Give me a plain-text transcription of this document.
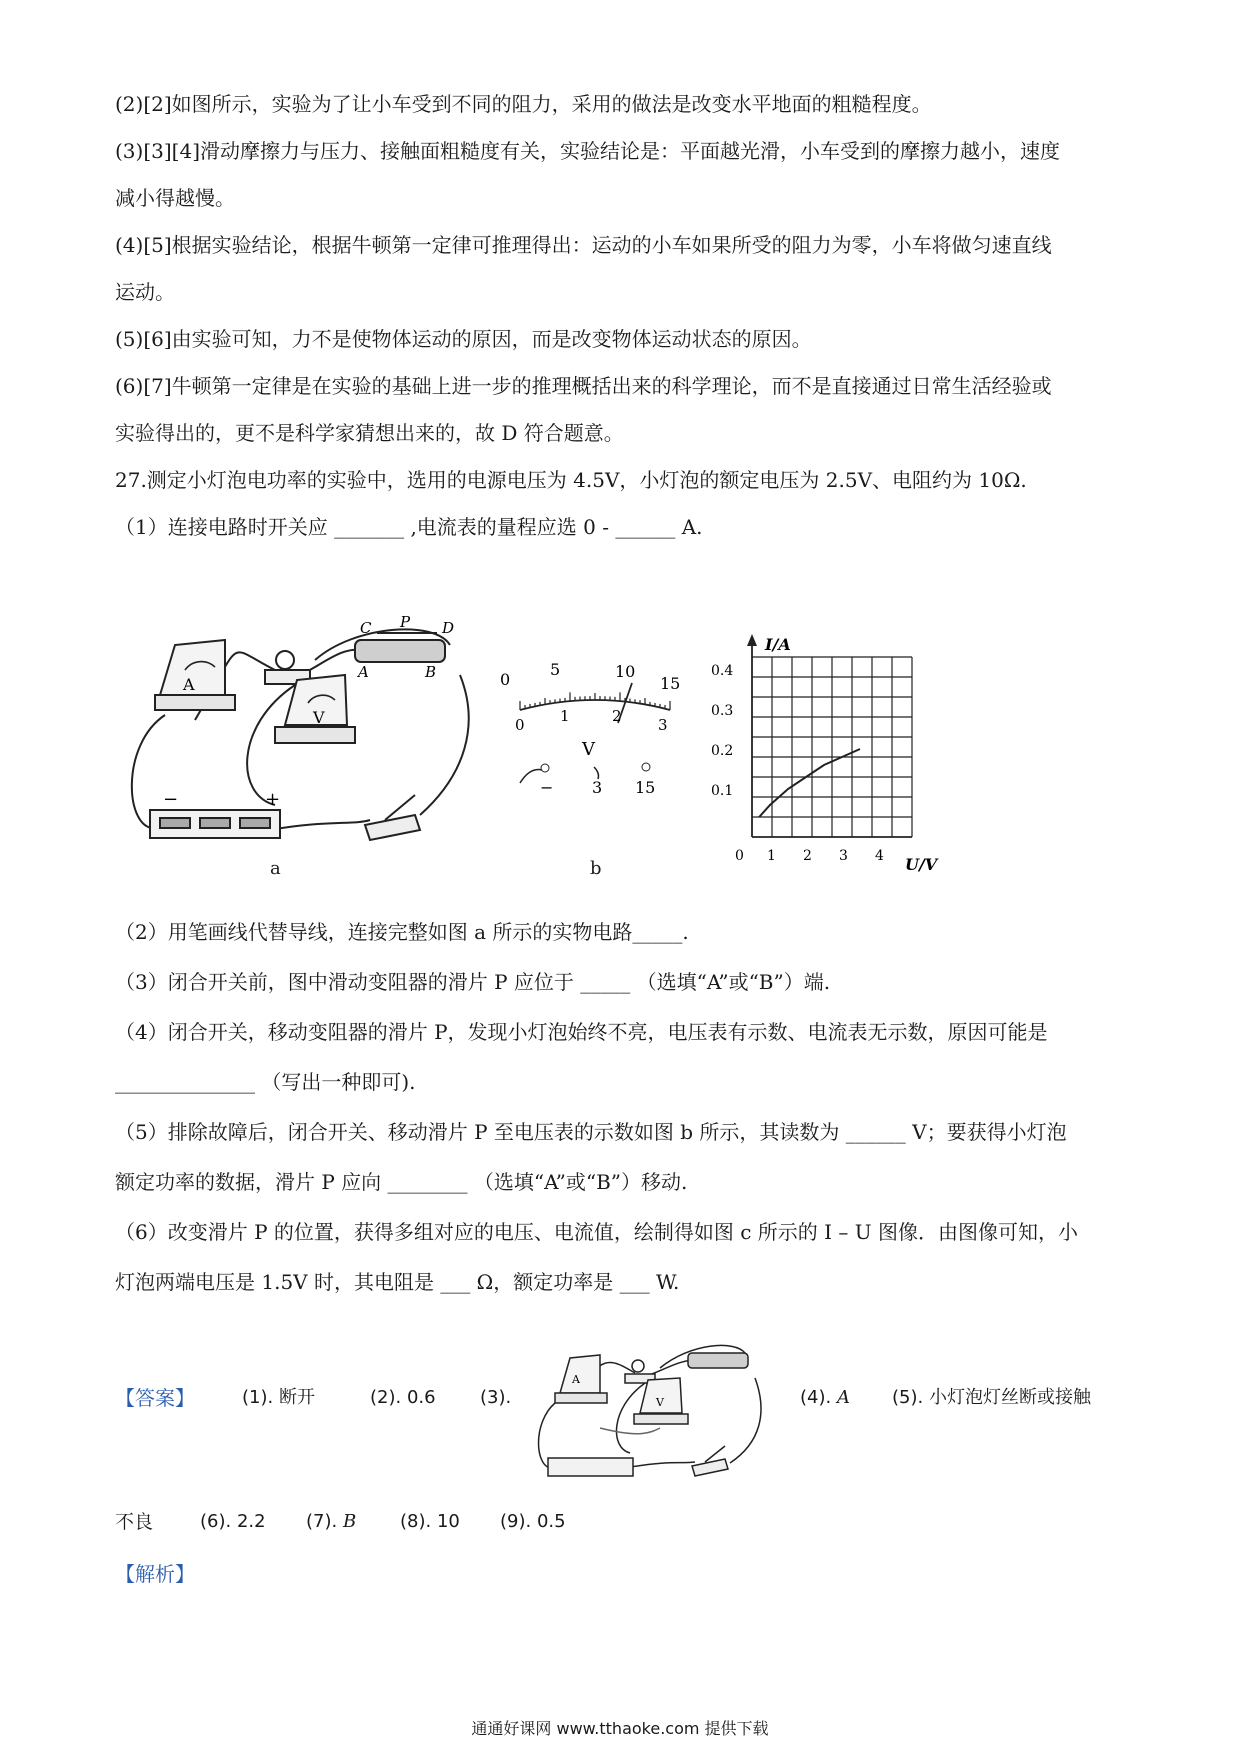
(2)[2]如图所示，实验为了让小车受到不同的阻力，采用的做法是改变水平地面的粗糙程度。
(3)[3][4]滑动摩擦力与压力、接触面粗糙度有关，实验结论是：平面越光滑，小车受到的摩擦力越小，速度
减小得越慢。
(4)[5]根据实验结论，根据牛顿第一定律可推理得出：运动的小车如果所受的阻力为零，小车将做匀速直线
运动。
(5)[6]由实验可知，力不是使物体运动的原因，而是改变物体运动状态的原因。
(6)[7]牛顿第一定律是在实验的基础上进一步的推理概括出来的科学理论，而不是直接通过日常生活经验或
实验得出的，更不是科学家猜想出来的，故 D 符合题意。
27.测定小灯泡电功率的实验中，选用的电源电压为 4.5V，小灯泡的额定电压为 2.5V、电阻约为 10Ω.
（1）连接电路时开关应 _______ ,电流表的量程应选 0 - ______ A.
A
V
C P D
A	B
−	+
a
0
5	10
15
0 1	2 3
V
− 3 15
b
I/A
U/V
0.4
0.3
0.2
0.1
0 1 2 3 4
（2）用笔画线代替导线，连接完整如图 a 所示的实物电路_____.
（3）闭合开关前，图中滑动变阻器的滑片 P 应位于 _____ （选填“A”或“B”）端.
（4）闭合开关，移动变阻器的滑片 P，发现小灯泡始终不亮，电压表有示数、电流表无示数，原因可能是
______________ （写出一种即可).
（5）排除故障后，闭合开关、移动滑片 P 至电压表的示数如图 b 所示，其读数为 ______ V；要获得小灯泡
额定功率的数据，滑片 P 应向 ________ （选填“A”或“B”）移动.
（6）改变滑片 P 的位置，获得多组对应的电压、电流值，绘制得如图 c 所示的 I – U 图像．由图像可知，小
灯泡两端电压是 1.5V 时，其电阻是 ___ Ω，额定功率是 ___ W.
【答案】	(1). 断开	(2). 0.6 (3).
A
V	(4). A (5). 小灯泡灯丝断或接触
不良	(6). 2.2 (7). B (8). 10 (9). 0.5
【解析】
通通好课网 www.tthaoke.com 提供下载
